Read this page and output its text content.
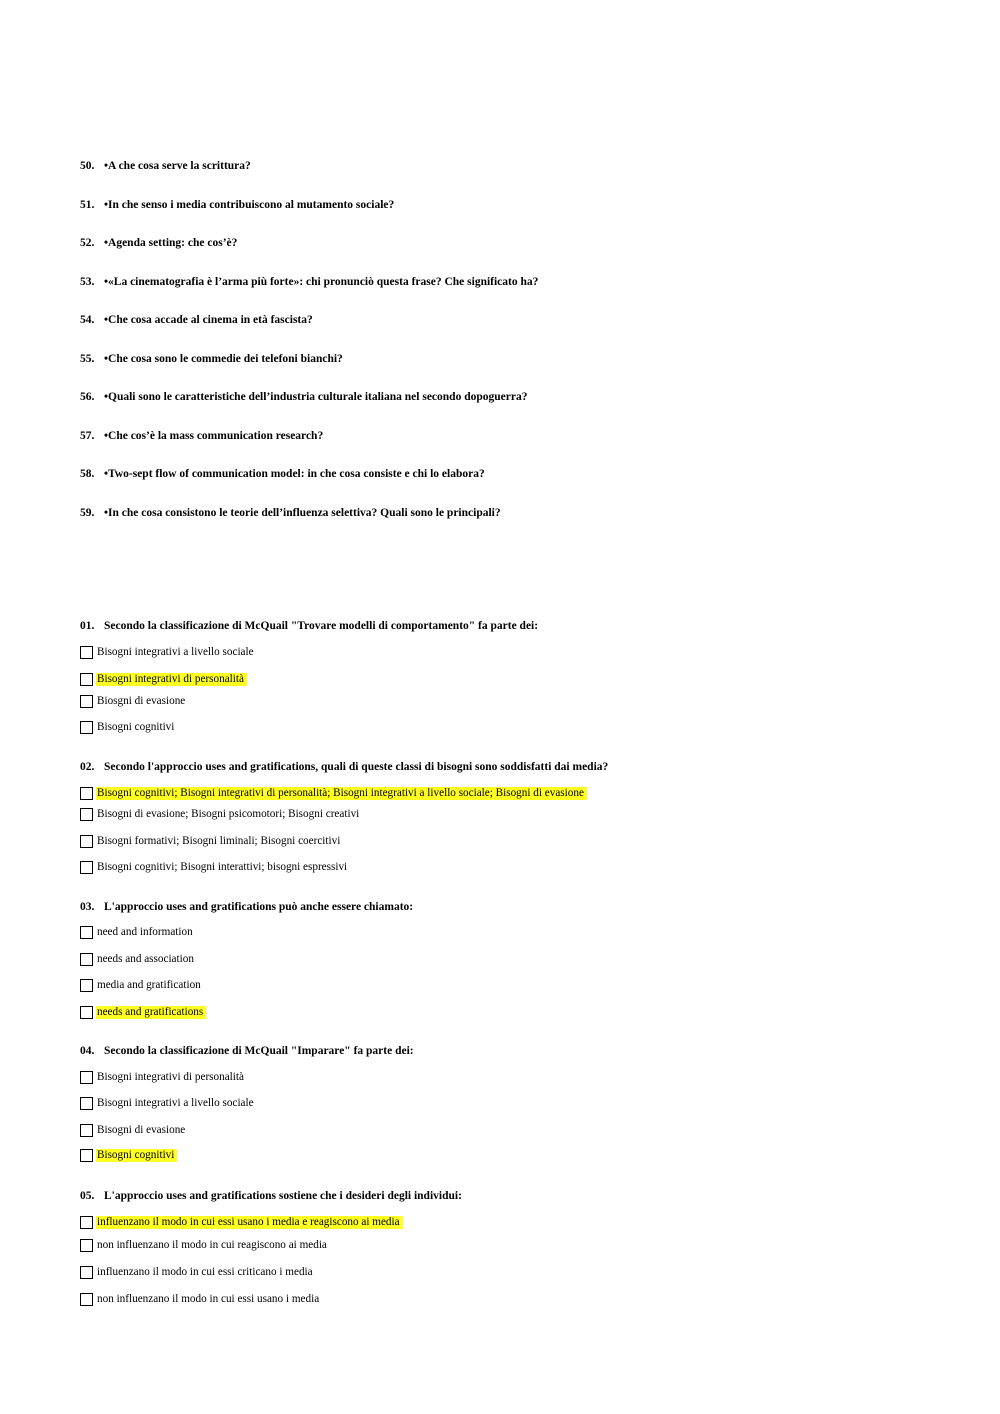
50. •A che cosa serve la scrittura?
51. •In che senso i media contribuiscono al mutamento sociale?
52. •Agenda setting: che cos’è?
53. •«La cinematografia è l’arma più forte»: chi pronunciò questa frase? Che significato ha?
54. •Che cosa accade al cinema in età fascista?
55. •Che cosa sono le commedie dei telefoni bianchi?
56. •Quali sono le caratteristiche dell’industria culturale italiana nel secondo dopoguerra?
57. •Che cos’è la mass communication research?
58. •Two-sept flow of communication model: in che cosa consiste e chi lo elabora?
59. •In che cosa consistono le teorie dell’influenza selettiva? Quali sono le principali?
01. Secondo la classificazione di McQuail "Trovare modelli di comportamento" fa parte dei:
Bisogni integrativi a livello sociale
Bisogni integrativi di personalità
Biosgni di evasione
Bisogni cognitivi
02. Secondo l'approccio uses and gratifications, quali di queste classi di bisogni sono soddisfatti dai media?
Bisogni cognitivi; Bisogni integrativi di personalità; Bisogni integrativi a livello sociale; Bisogni di evasione
Bisogni di evasione; Bisogni psicomotori; Bisogni creativi
Bisogni formativi; Bisogni liminali; Bisogni coercitivi
Bisogni cognitivi; Bisogni interattivi; bisogni espressivi
03. L'approccio uses and gratifications può anche essere chiamato:
need and information
needs and association
media and gratification
needs and gratifications
04. Secondo la classificazione di McQuail "Imparare" fa parte dei:
Bisogni integrativi di personalità
Bisogni integrativi a livello sociale
Bisogni di evasione
Bisogni cognitivi
05. L'approccio uses and gratifications sostiene che i desideri degli individui:
influenzano il modo in cui essi usano i media e reagiscono ai media
non influenzano il modo in cui reagiscono ai media
influenzano il modo in cui essi criticano i media
non influenzano il modo in cui essi usano i media
